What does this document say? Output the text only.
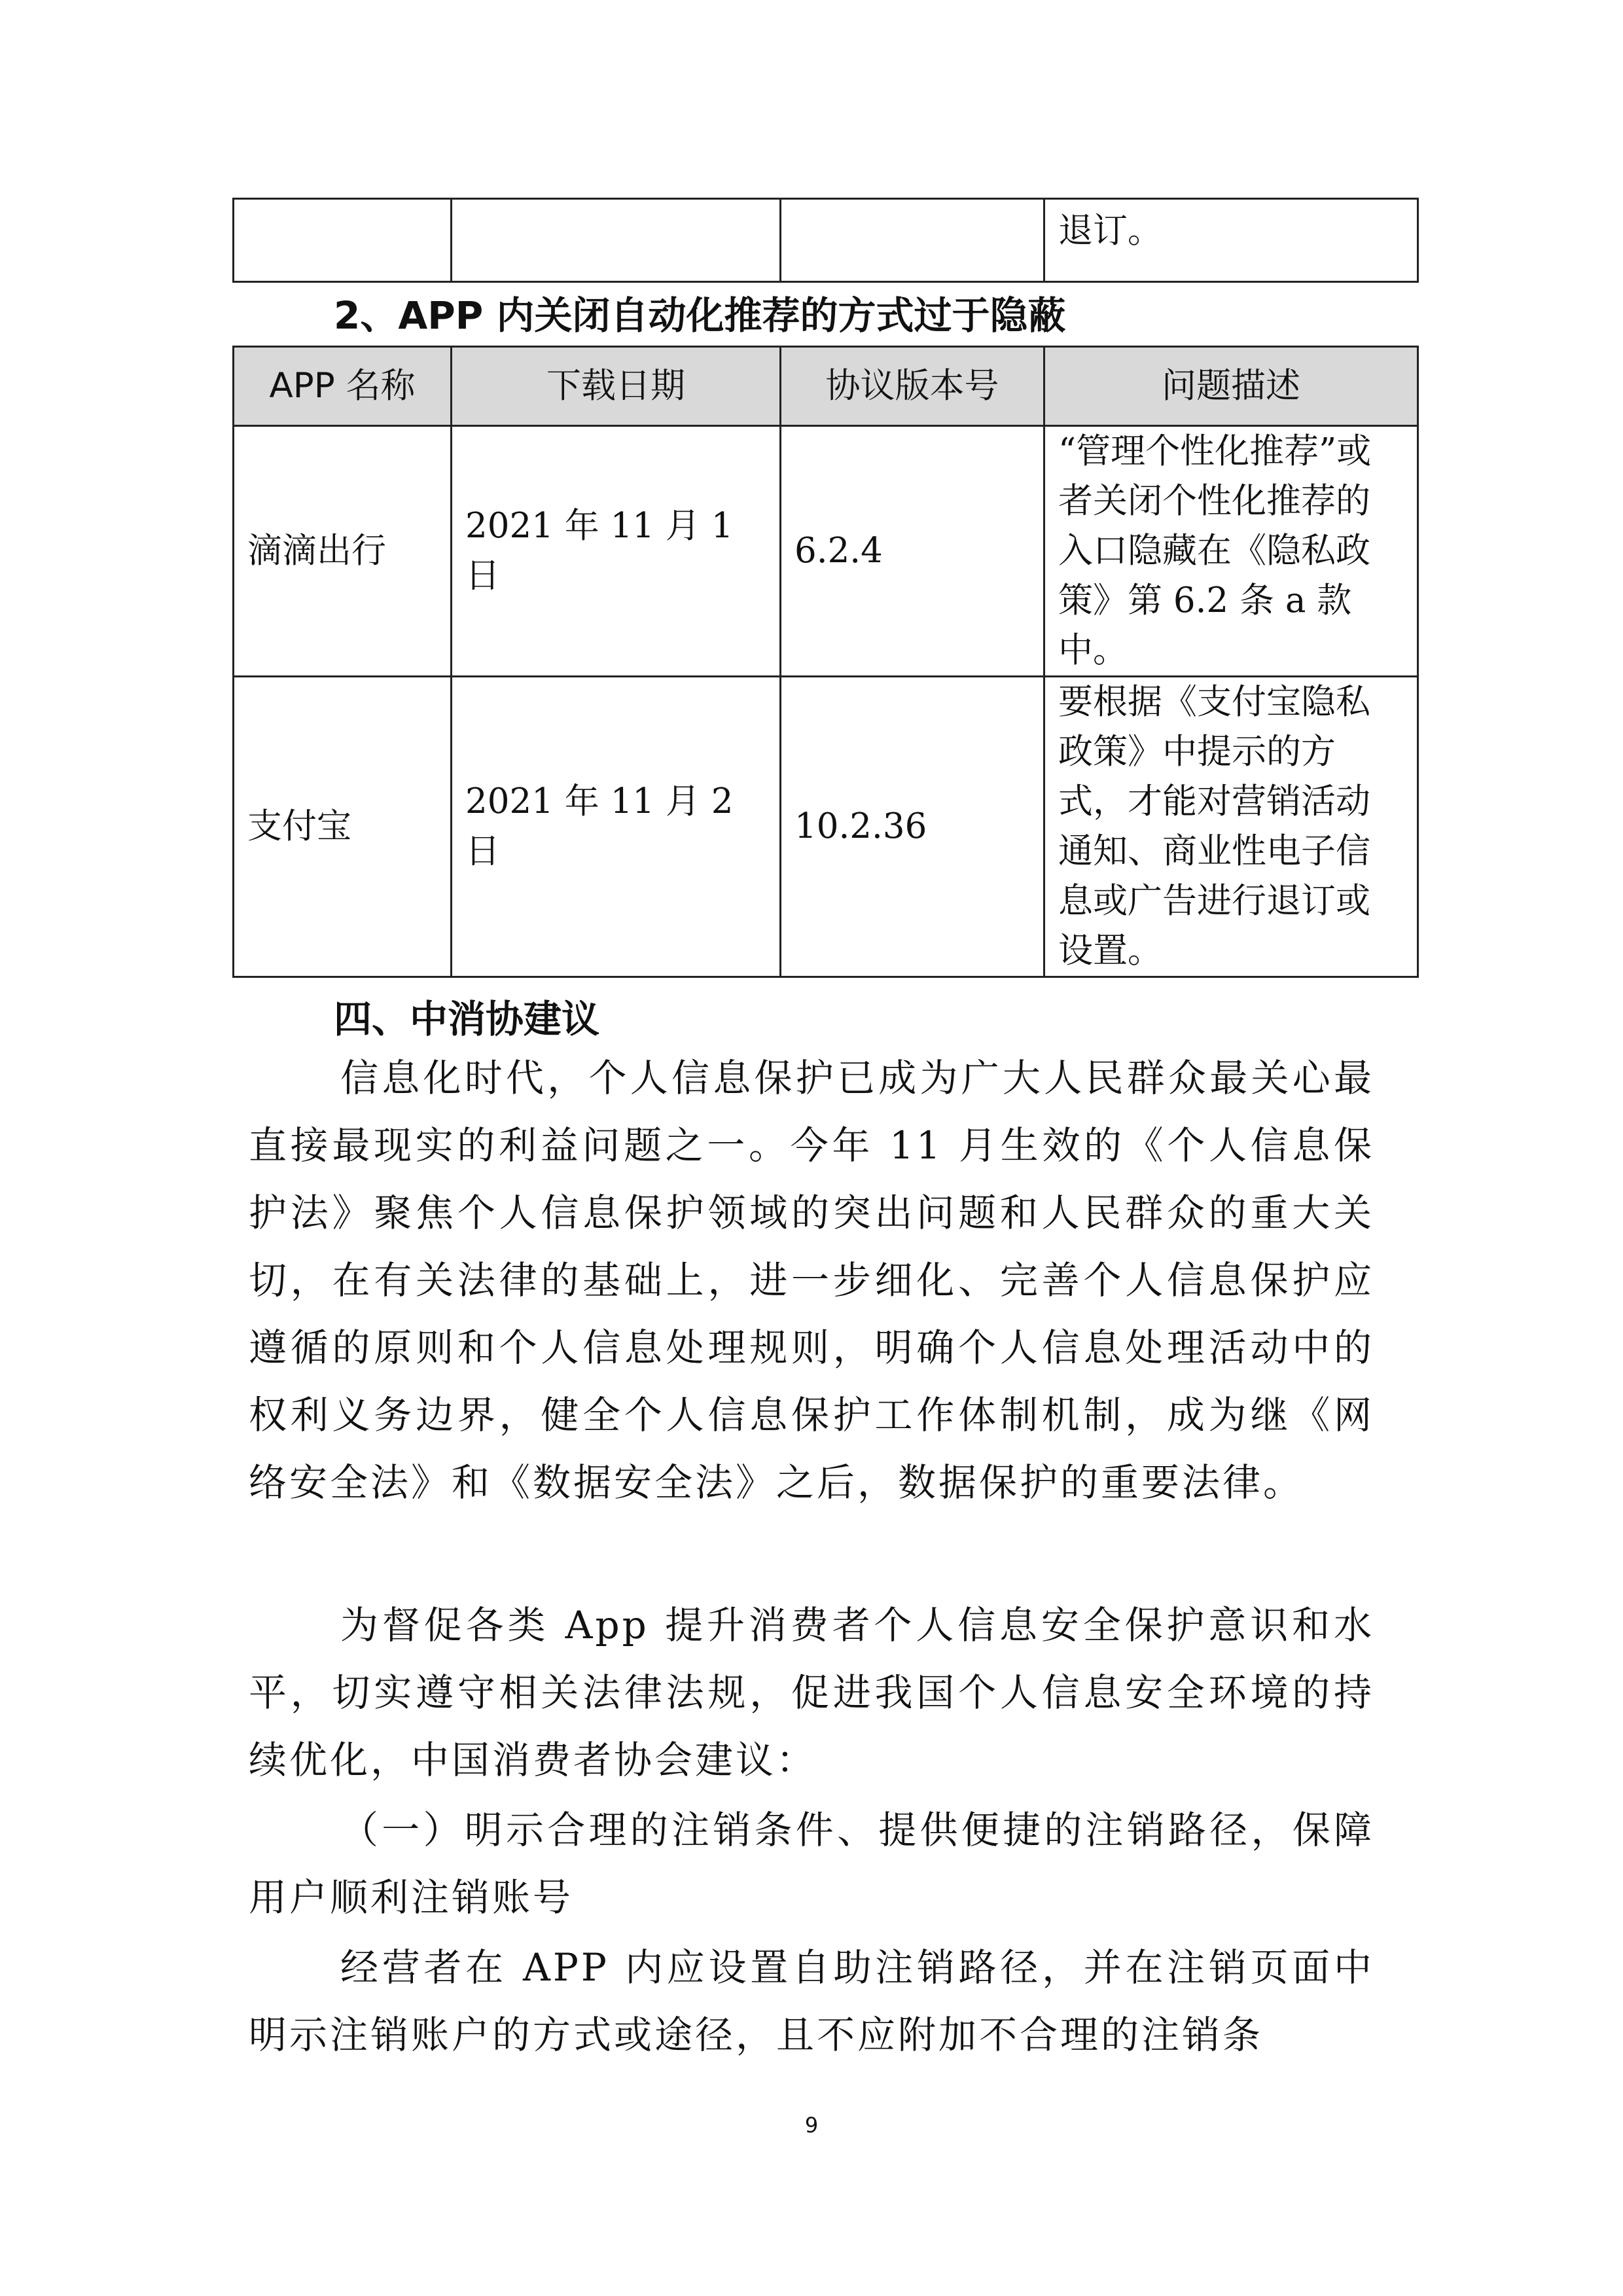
			退订。
2、APP 内关闭自动化推荐的方式过于隐蔽
APP 名称	下载日期	协议版本号	问题描述
滴滴出行	2021 年 11 月 1 日	6.2.4	“管理个性化推荐”或者关闭个性化推荐的入口隐藏在《隐私政策》第 6.2 条 a 款中。
支付宝	2021 年 11 月 2 日	10.2.36	要根据《支付宝隐私政策》中提示的方式，才能对营销活动通知、商业性电子信息或广告进行退订或设置。
四、中消协建议

信息化时代，个人信息保护已成为广大人民群众最关心最直接最现实的利益问题之一。今年 11 月生效的《个人信息保护法》聚焦个人信息保护领域的突出问题和人民群众的重大关切，在有关法律的基础上，进一步细化、完善个人信息保护应遵循的原则和个人信息处理规则，明确个人信息处理活动中的权利义务边界，健全个人信息保护工作体制机制，成为继《网络安全法》和《数据安全法》之后，数据保护的重要法律。

为督促各类 App 提升消费者个人信息安全保护意识和水平，切实遵守相关法律法规，促进我国个人信息安全环境的持续优化，中国消费者协会建议：

（一）明示合理的注销条件、提供便捷的注销路径，保障用户顺利注销账号

经营者在 APP 内应设置自助注销路径，并在注销页面中明示注销账户的方式或途径，且不应附加不合理的注销条

9
